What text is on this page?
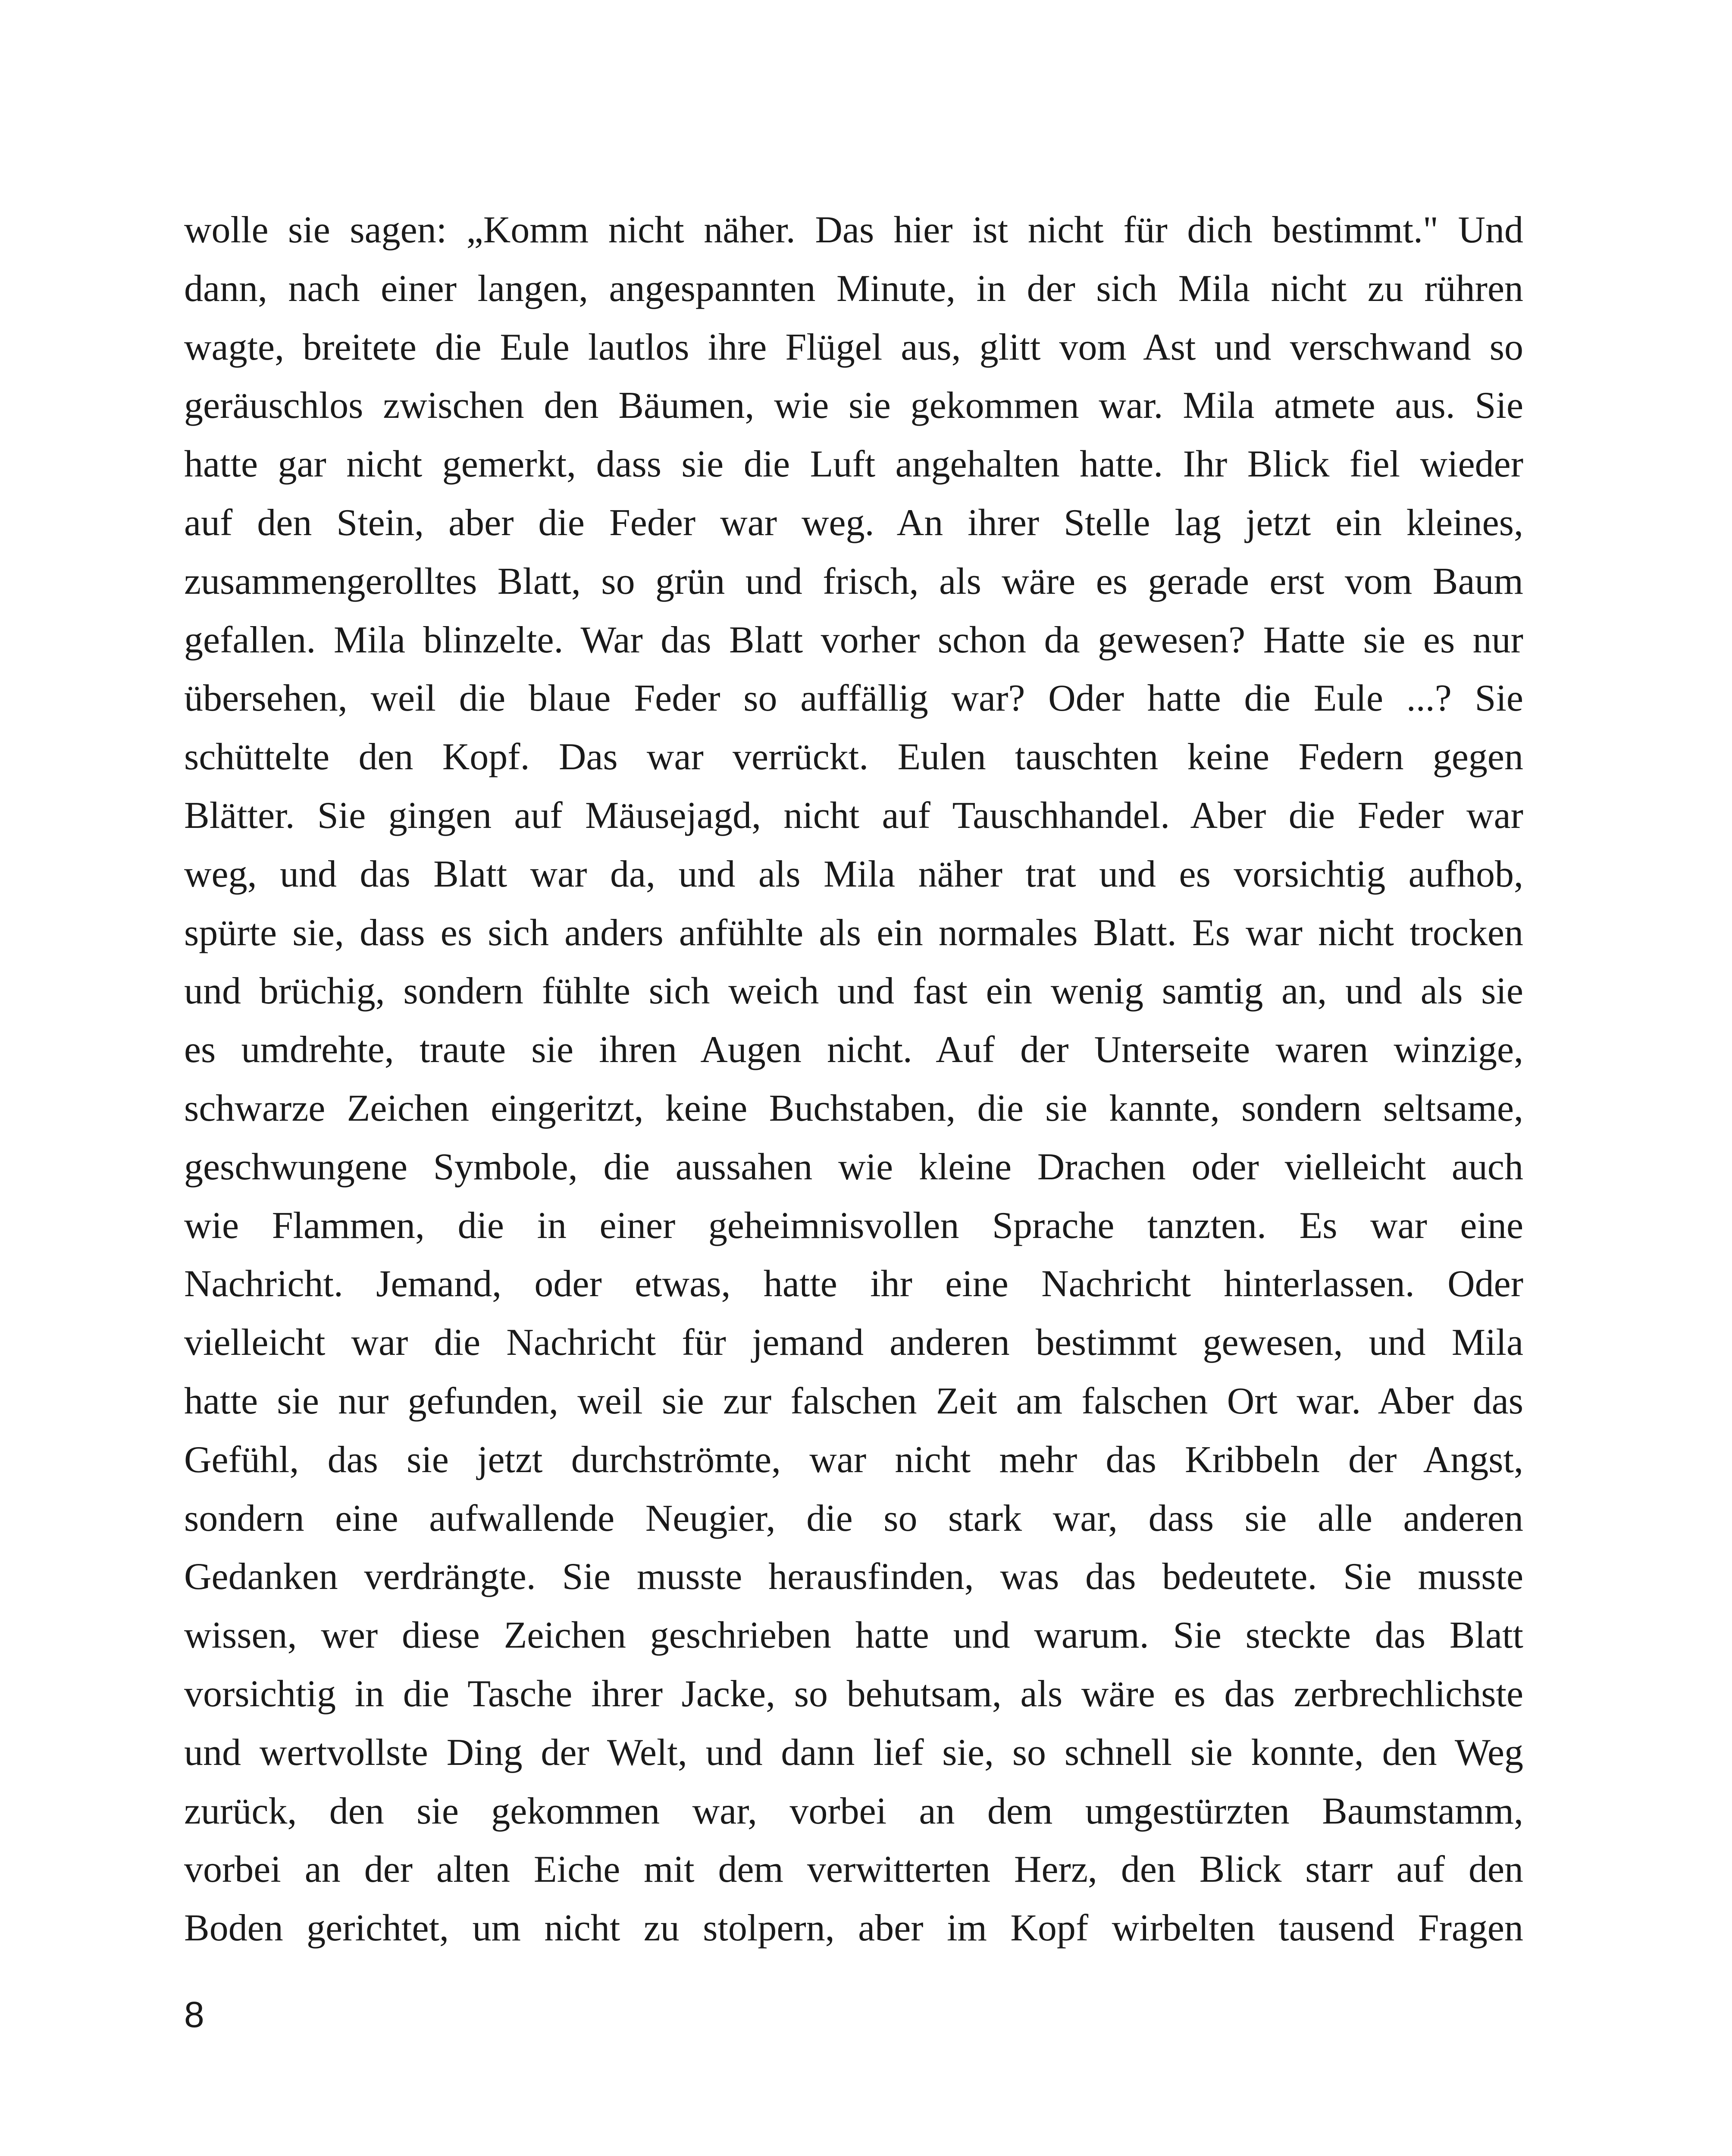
wolle sie sagen: „Komm nicht näher. Das hier ist nicht für dich bestimmt." Und
dann, nach einer langen, angespannten Minute, in der sich Mila nicht zu rühren
wagte, breitete die Eule lautlos ihre Flügel aus, glitt vom Ast und verschwand so
geräuschlos zwischen den Bäumen, wie sie gekommen war. Mila atmete aus. Sie
hatte gar nicht gemerkt, dass sie die Luft angehalten hatte. Ihr Blick fiel wieder
auf den Stein, aber die Feder war weg. An ihrer Stelle lag jetzt ein kleines,
zusammengerolltes Blatt, so grün und frisch, als wäre es gerade erst vom Baum
gefallen. Mila blinzelte. War das Blatt vorher schon da gewesen? Hatte sie es nur
übersehen, weil die blaue Feder so auffällig war? Oder hatte die Eule ...? Sie
schüttelte den Kopf. Das war verrückt. Eulen tauschten keine Federn gegen
Blätter. Sie gingen auf Mäusejagd, nicht auf Tauschhandel. Aber die Feder war
weg, und das Blatt war da, und als Mila näher trat und es vorsichtig aufhob,
spürte sie, dass es sich anders anfühlte als ein normales Blatt. Es war nicht trocken
und brüchig, sondern fühlte sich weich und fast ein wenig samtig an, und als sie
es umdrehte, traute sie ihren Augen nicht. Auf der Unterseite waren winzige,
schwarze Zeichen eingeritzt, keine Buchstaben, die sie kannte, sondern seltsame,
geschwungene Symbole, die aussahen wie kleine Drachen oder vielleicht auch
wie Flammen, die in einer geheimnisvollen Sprache tanzten. Es war eine
Nachricht. Jemand, oder etwas, hatte ihr eine Nachricht hinterlassen. Oder
vielleicht war die Nachricht für jemand anderen bestimmt gewesen, und Mila
hatte sie nur gefunden, weil sie zur falschen Zeit am falschen Ort war. Aber das
Gefühl, das sie jetzt durchströmte, war nicht mehr das Kribbeln der Angst,
sondern eine aufwallende Neugier, die so stark war, dass sie alle anderen
Gedanken verdrängte. Sie musste herausfinden, was das bedeutete. Sie musste
wissen, wer diese Zeichen geschrieben hatte und warum. Sie steckte das Blatt
vorsichtig in die Tasche ihrer Jacke, so behutsam, als wäre es das zerbrechlichste
und wertvollste Ding der Welt, und dann lief sie, so schnell sie konnte, den Weg
zurück, den sie gekommen war, vorbei an dem umgestürzten Baumstamm,
vorbei an der alten Eiche mit dem verwitterten Herz, den Blick starr auf den
Boden gerichtet, um nicht zu stolpern, aber im Kopf wirbelten tausend Fragen
8
